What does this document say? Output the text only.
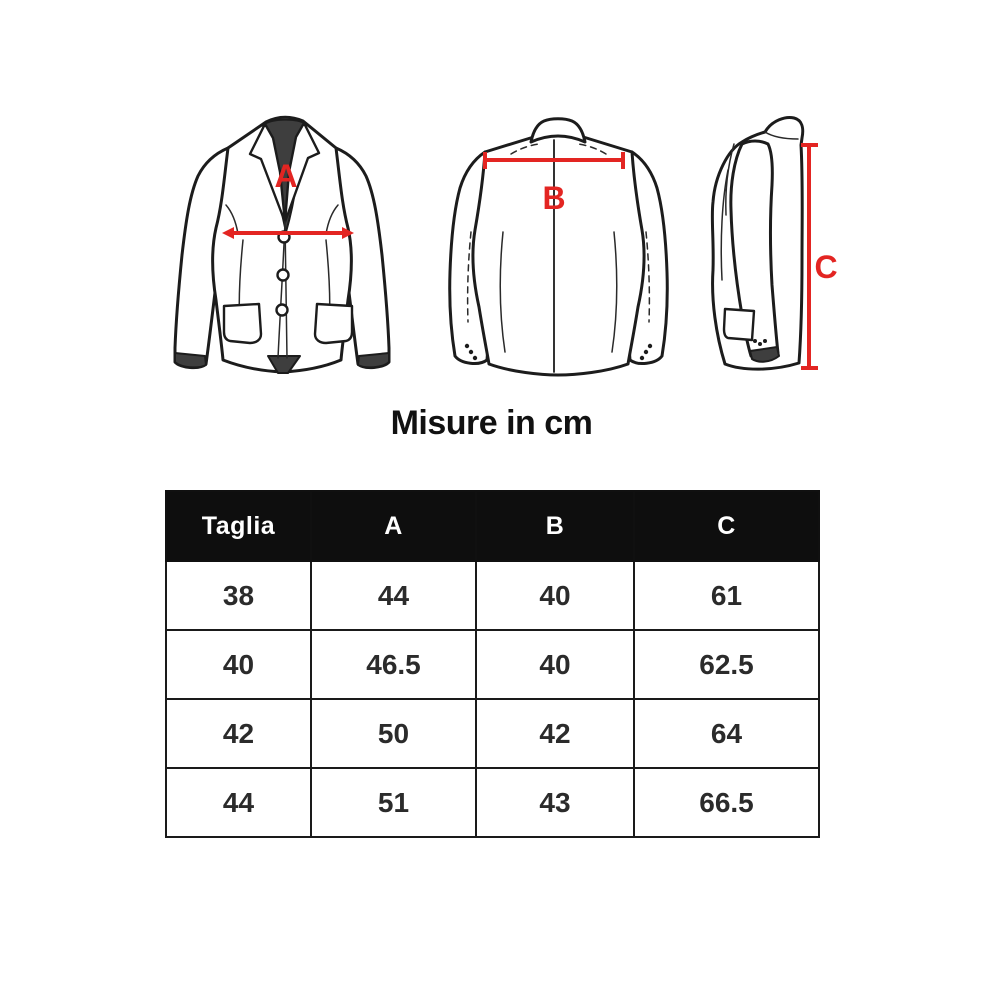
A
B
C
Misure in cm
Taglia	A	B	C
38	44	40	61
40	46.5	40	62.5
42	50	42	64
44	51	43	66.5
